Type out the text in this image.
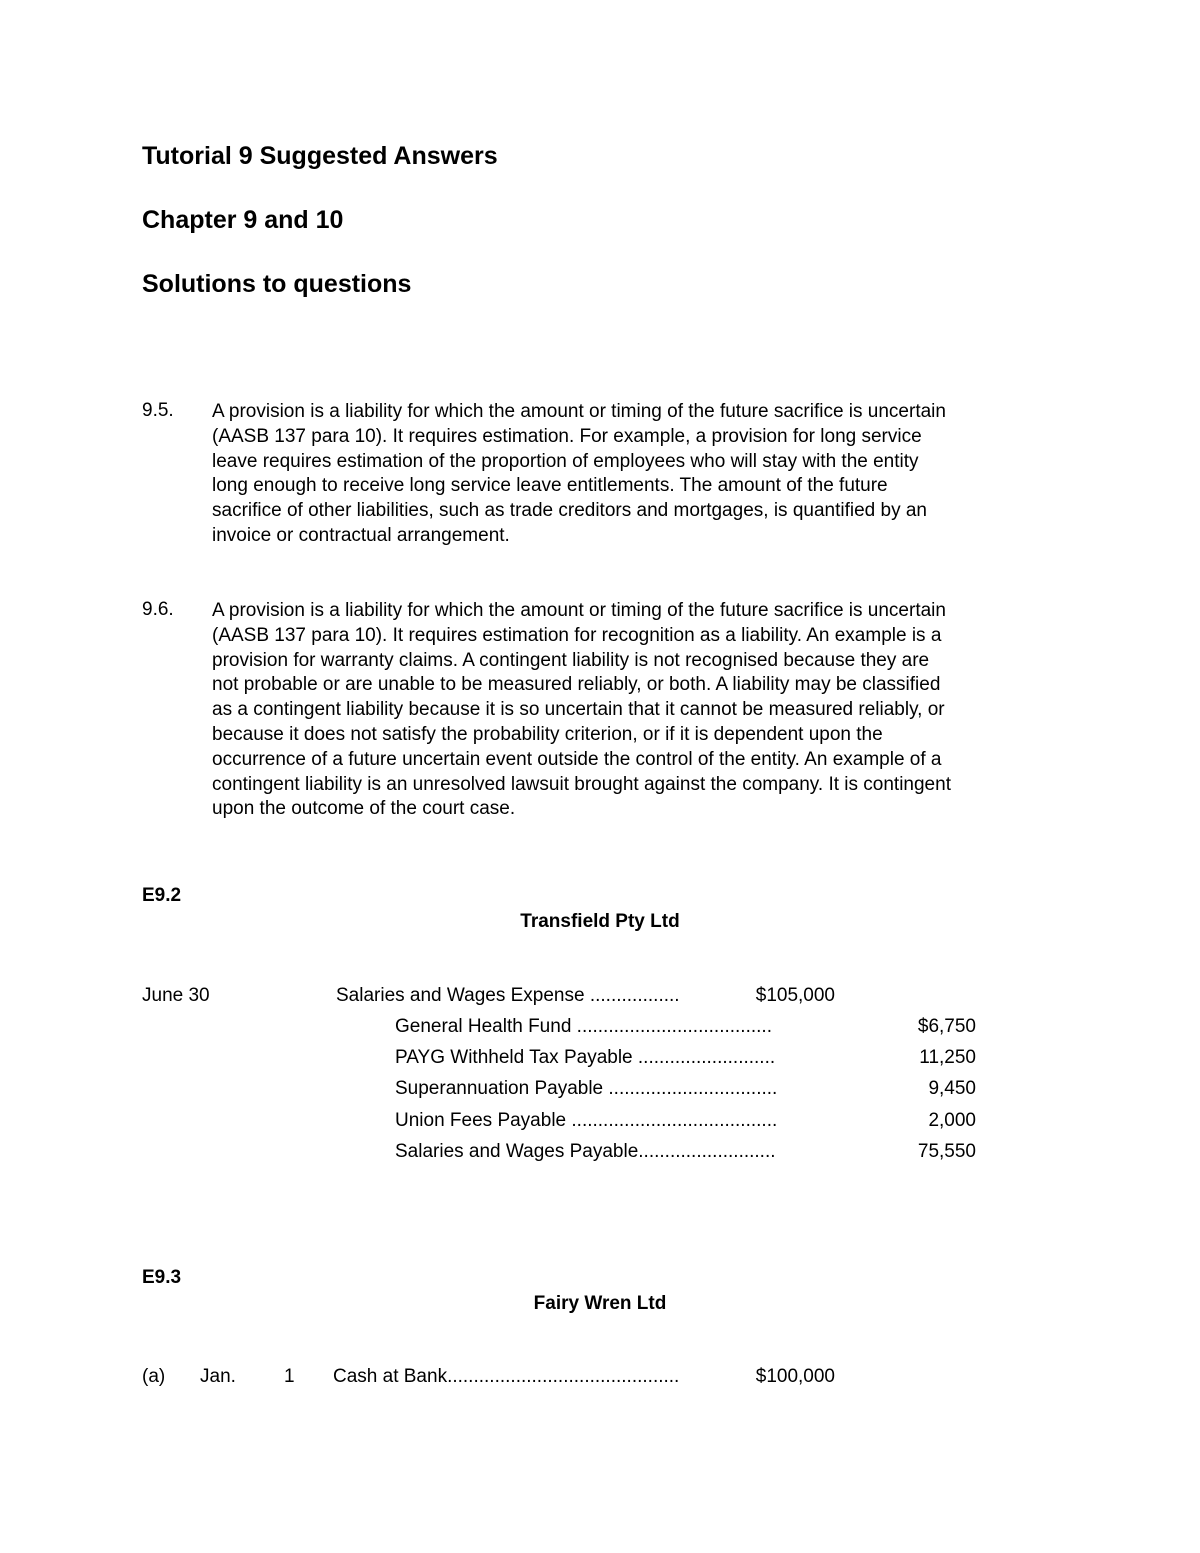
Tutorial 9 Suggested Answers
Chapter 9 and 10
Solutions to questions
9.5. A provision is a liability for which the amount or timing of the future sacrifice is uncertain
(AASB 137 para 10). It requires estimation. For example, a provision for long service
leave requires estimation of the proportion of employees who will stay with the entity
long enough to receive long service leave entitlements. The amount of the future
sacrifice of other liabilities, such as trade creditors and mortgages, is quantified by an
invoice or contractual arrangement.
9.6. A provision is a liability for which the amount or timing of the future sacrifice is uncertain
(AASB 137 para 10). It requires estimation for recognition as a liability. An example is a
provision for warranty claims. A contingent liability is not recognised because they are
not probable or are unable to be measured reliably, or both. A liability may be classified
as a contingent liability because it is so uncertain that it cannot be measured reliably, or
because it does not satisfy the probability criterion, or if it is dependent upon the
occurrence of a future uncertain event outside the control of the entity. An example of a
contingent liability is an unresolved lawsuit brought against the company. It is contingent
upon the outcome of the court case.
E9.2
Transfield Pty Ltd
June 30	Salaries and Wages Expense .................	$105,000
General Health Fund .....................................	$6,750
PAYG Withheld Tax Payable ..........................	11,250
Superannuation Payable ................................	9,450
Union Fees Payable .......................................	2,000
Salaries and Wages Payable..........................	75,550
E9.3
Fairy Wren Ltd
(a) Jan.	1 Cash at Bank............................................	$100,000
